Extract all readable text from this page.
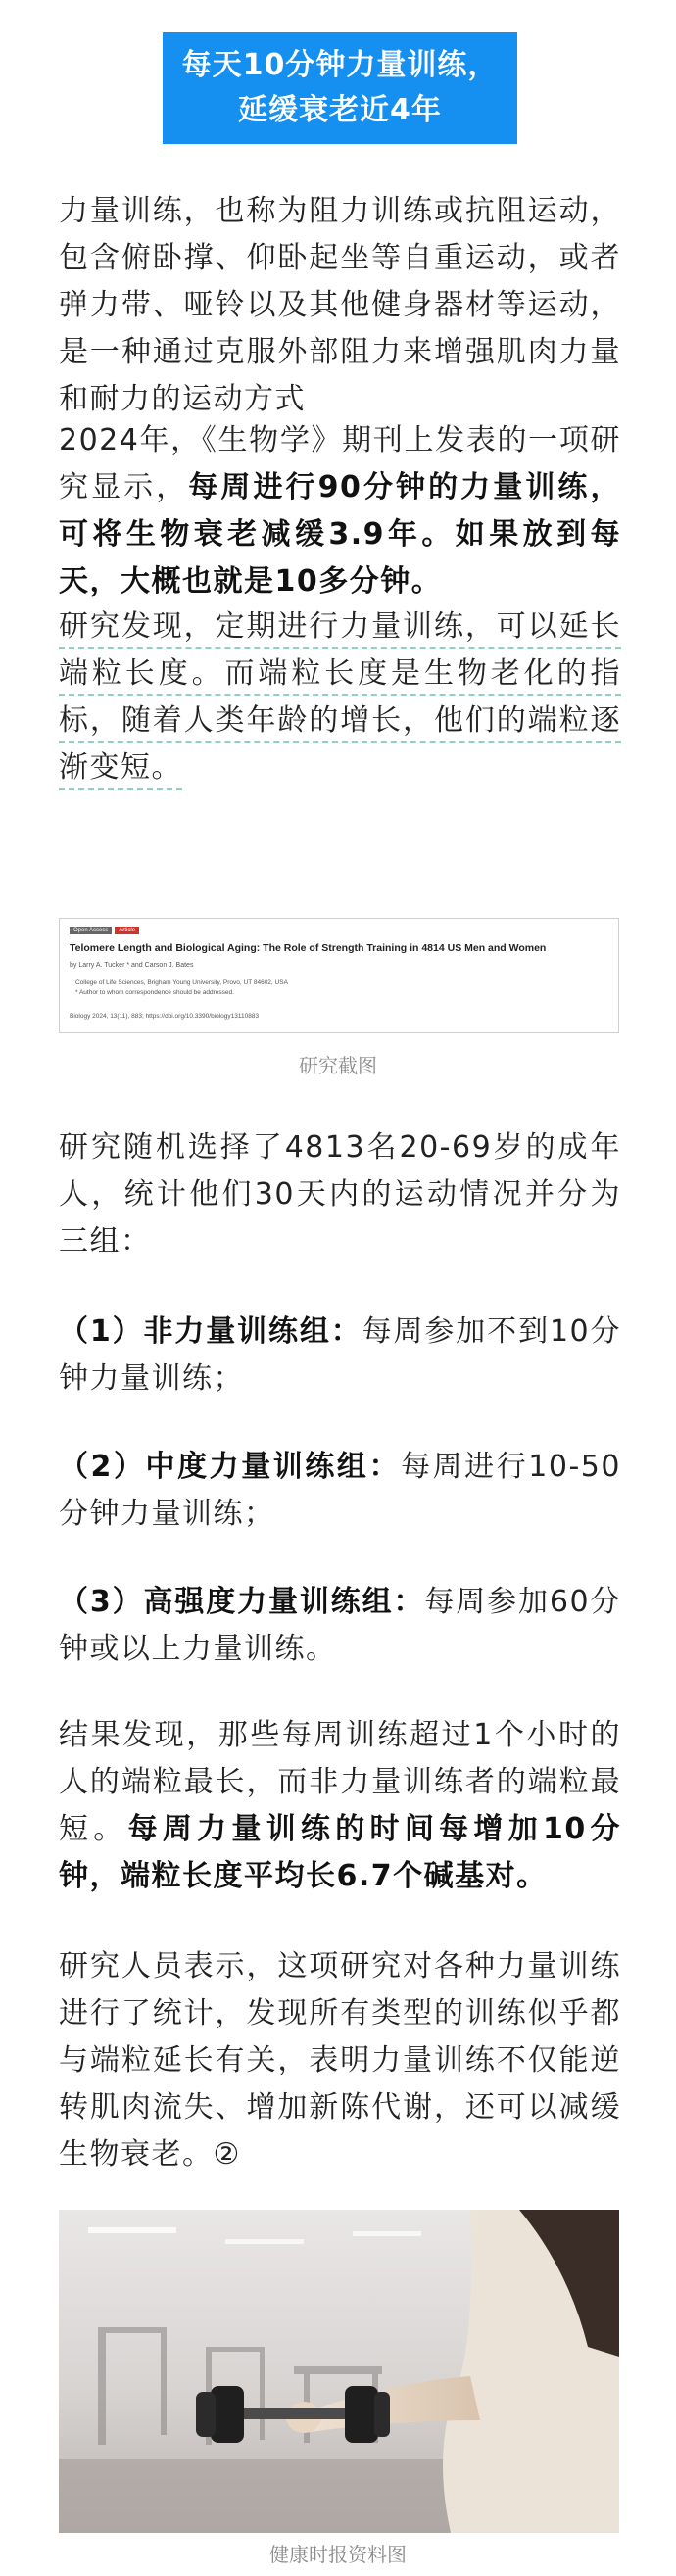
每天10分钟力量训练，
延缓衰老近4年
力量训练，也称为阻力训练或抗阻运动，包含俯卧撑、仰卧起坐等自重运动，或者弹力带、哑铃以及其他健身器材等运动，是一种通过克服外部阻力来增强肌肉力量和耐力的运动方式
2024年，《生物学》期刊上发表的一项研究显示，每周进行90分钟的力量训练，可将生物衰老减缓3.9年。如果放到每天，大概也就是10多分钟。
研究发现，定期进行力量训练，可以延长端粒长度。而端粒长度是生物老化的指标，随着人类年龄的增长，他们的端粒逐渐变短。
Open Access	Article
Telomere Length and Biological Aging: The Role of Strength Training in 4814 US Men and Women
by Larry A. Tucker * and Carson J. Bates
College of Life Sciences, Brigham Young University, Provo, UT 84602, USA
* Author to whom correspondence should be addressed.
Biology 2024, 13(11), 883; https://doi.org/10.3390/biology13110883
研究截图
研究随机选择了4813名20-69岁的成年人，统计他们30天内的运动情况并分为三组：
（1）非力量训练组：每周参加不到10分钟力量训练；
（2）中度力量训练组：每周进行10-50分钟力量训练；
（3）高强度力量训练组：每周参加60分钟或以上力量训练。
结果发现，那些每周训练超过1个小时的人的端粒最长，而非力量训练者的端粒最短。每周力量训练的时间每增加10分钟，端粒长度平均长6.7个碱基对。
研究人员表示，这项研究对各种力量训练进行了统计，发现所有类型的训练似乎都与端粒延长有关，表明力量训练不仅能逆转肌肉流失、增加新陈代谢，还可以减缓生物衰老。②
健康时报资料图
